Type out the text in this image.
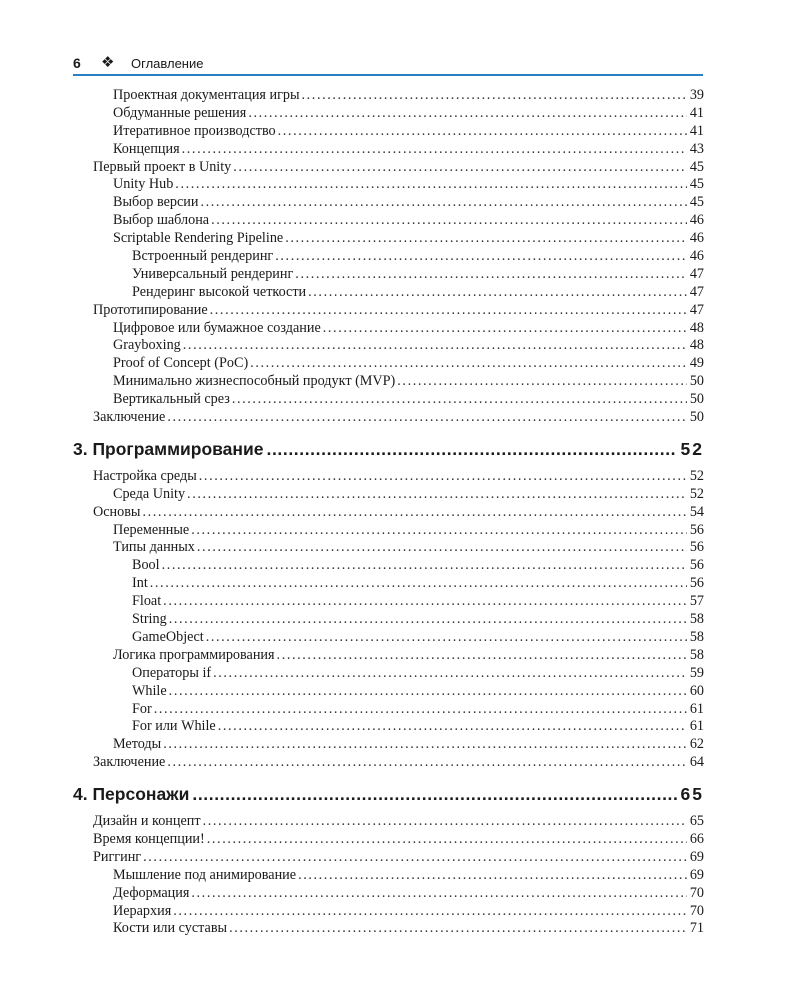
6 ❖ Оглавление
Проектная документация игры .....	39
Обдуманные решения .....	41
Итеративное производство .....	41
Концепция .....	43
Первый проект в Unity .....	45
Unity Hub .....	45
Выбор версии .....	45
Выбор шаблона .....	46
Scriptable Rendering Pipeline .....	46
Встроенный рендеринг .....	46
Универсальный рендеринг .....	47
Рендеринг высокой четкости .....	47
Прототипирование .....	47
Цифровое или бумажное создание .....	48
Grayboxing .....	48
Proof of Concept (PoC) .....	49
Минимально жизнеспособный продукт (MVP) .....	50
Вертикальный срез .....	50
Заключение .....	50
3. Программирование .....	52
Настройка среды .....	52
Среда Unity .....	52
Основы .....	54
Переменные .....	56
Типы данных .....	56
Bool .....	56
Int .....	56
Float .....	57
String .....	58
GameObject .....	58
Логика программирования .....	58
Операторы if .....	59
While .....	60
For .....	61
For или While .....	61
Методы .....	62
Заключение .....	64
4. Персонажи .....	65
Дизайн и концепт .....	65
Время концепции! .....	66
Риггинг .....	69
Мышление под анимирование .....	69
Деформация .....	70
Иерархия .....	70
Кости или суставы .....	71
